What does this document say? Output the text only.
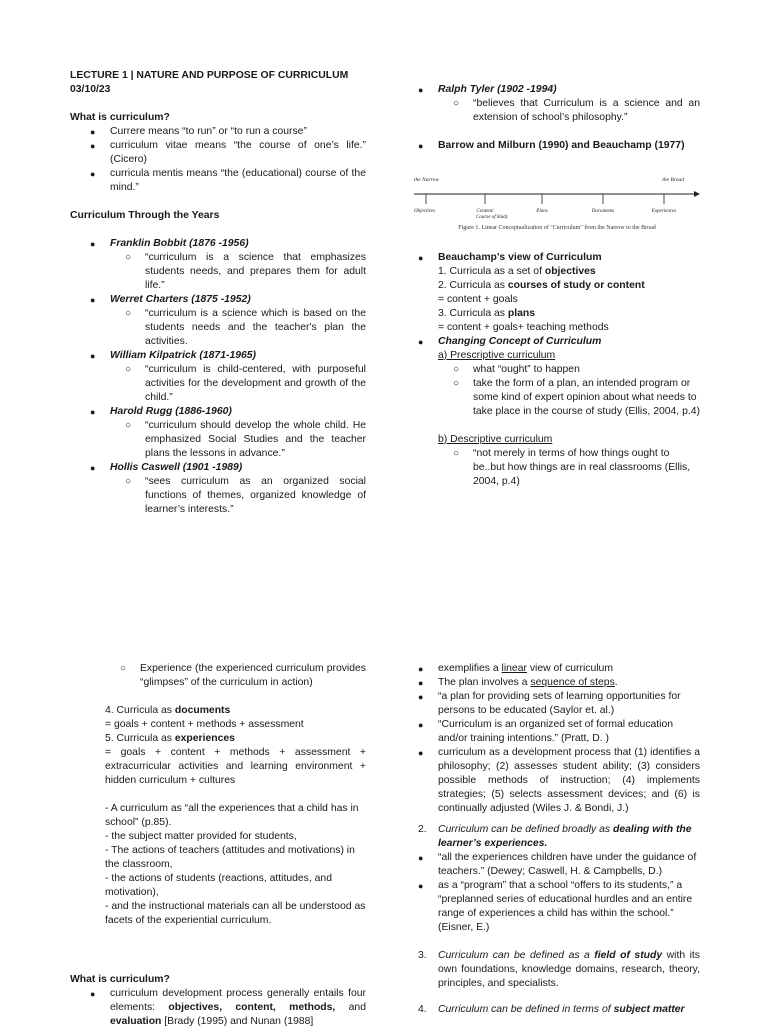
LECTURE 1 | NATURE AND PURPOSE OF CURRICULUM

03/10/23

What is curriculum?

● Currere means “to run” or “to run a course”
● curriculum vitae means “the course of one’s life.” (Cicero)
● curricula mentis means “the (educational) course of the mind.”

Curriculum Through the Years

● Franklin Bobbit (1876 -1956)
○ “curriculum is a science that emphasizes students needs, and prepares them for adult life.”
● Werret Charters (1875 -1952)
○ “curriculum is a science which is based on the students needs and the teacher's plan the activities.
● William Kilpatrick (1871-1965)
○ “curriculum is child-centered, with purposeful activities for the development and growth of the child.”
● Harold Rugg (1886-1960)
○ “curriculum should develop the whole child. He emphasized Social Studies and the teacher plans the lessons in advance.”
● Hollis Caswell (1901 -1989)
○ “sees curriculum as an organized social functions of themes, organized knowledge of learner’s interests.”
● Ralph Tyler (1902 -1994)
○ “believes that Curriculum is a science and an extension of school’s philosophy.”
● Barrow and Milburn (1990) and Beauchamp (1977)
the Narrow	the Broad
Objectives	Content/ Course of Study
Plans	Documents	Experiences
Figure 1. Linear Conceptualization of "Curriculum" from the Narrow to the Broad
● Beauchamp’s view of Curriculum

1. Curricula as a set of objectives

2. Curricula as courses of study or content

= content + goals

3. Curricula as plans

= content + goals+ teaching methods

● Changing Concept of Curriculum

a) Prescriptive curriculum

○ what “ought” to happen
○ take the form of a plan, an intended program or some kind of expert opinion about what needs to take place in the course of study (Ellis, 2004, p.4)

b) Descriptive curriculum

○ “not merely in terms of how things ought to be..but how things are in real classrooms (Ellis, 2004, p.4)
○ Experience (the experienced curriculum provides “glimpses” of the curriculum in action)

4. Curricula as documents

= goals + content + methods + assessment

5. Curricula as experiences

= goals + content + methods + assessment + extracurricular activities and learning environment + hidden curriculum + cultures

- A curriculum as “all the experiences that a child has in school” (p.85).

- the subject matter provided for students,

- The actions of teachers (attitudes and motivations) in the classroom,

- the actions of students (reactions, attitudes, and motivation),

- and the instructional materials can all be understood as facets of the experiential curriculum.

What is curriculum?

● curriculum development process generally entails four elements: objectives, content, methods, and evaluation [Brady (1995) and Nunan (1988]
● exemplifies a linear view of curriculum
● The plan involves a sequence of steps.
● “a plan for providing sets of learning opportunities for persons to be educated (Saylor et. al.)
● “Curriculum is an organized set of formal education and/or training intentions.” (Pratt, D. )
● curriculum as a development process that (1) identifies a philosophy; (2) assesses student ability; (3) considers possible methods of instruction; (4) implements strategies; (5) selects assessment devices; and (6) is continually adjusted (Wiles J. & Bondi, J.)
2. Curriculum can be defined broadly as dealing with the learner’s experiences.
● “all the experiences children have under the guidance of teachers.” (Dewey; Caswell, H. & Campbells, D.)
● as a “program” that a school “offers to its students,” a “preplanned series of educational hurdles and an entire range of experiences a child has within the school.” (Eisner, E.)
3. Curriculum can be defined as a field of study with its own foundations, knowledge domains, research, theory, principles, and specialists.
4. Curriculum can be defined in terms of subject matter
